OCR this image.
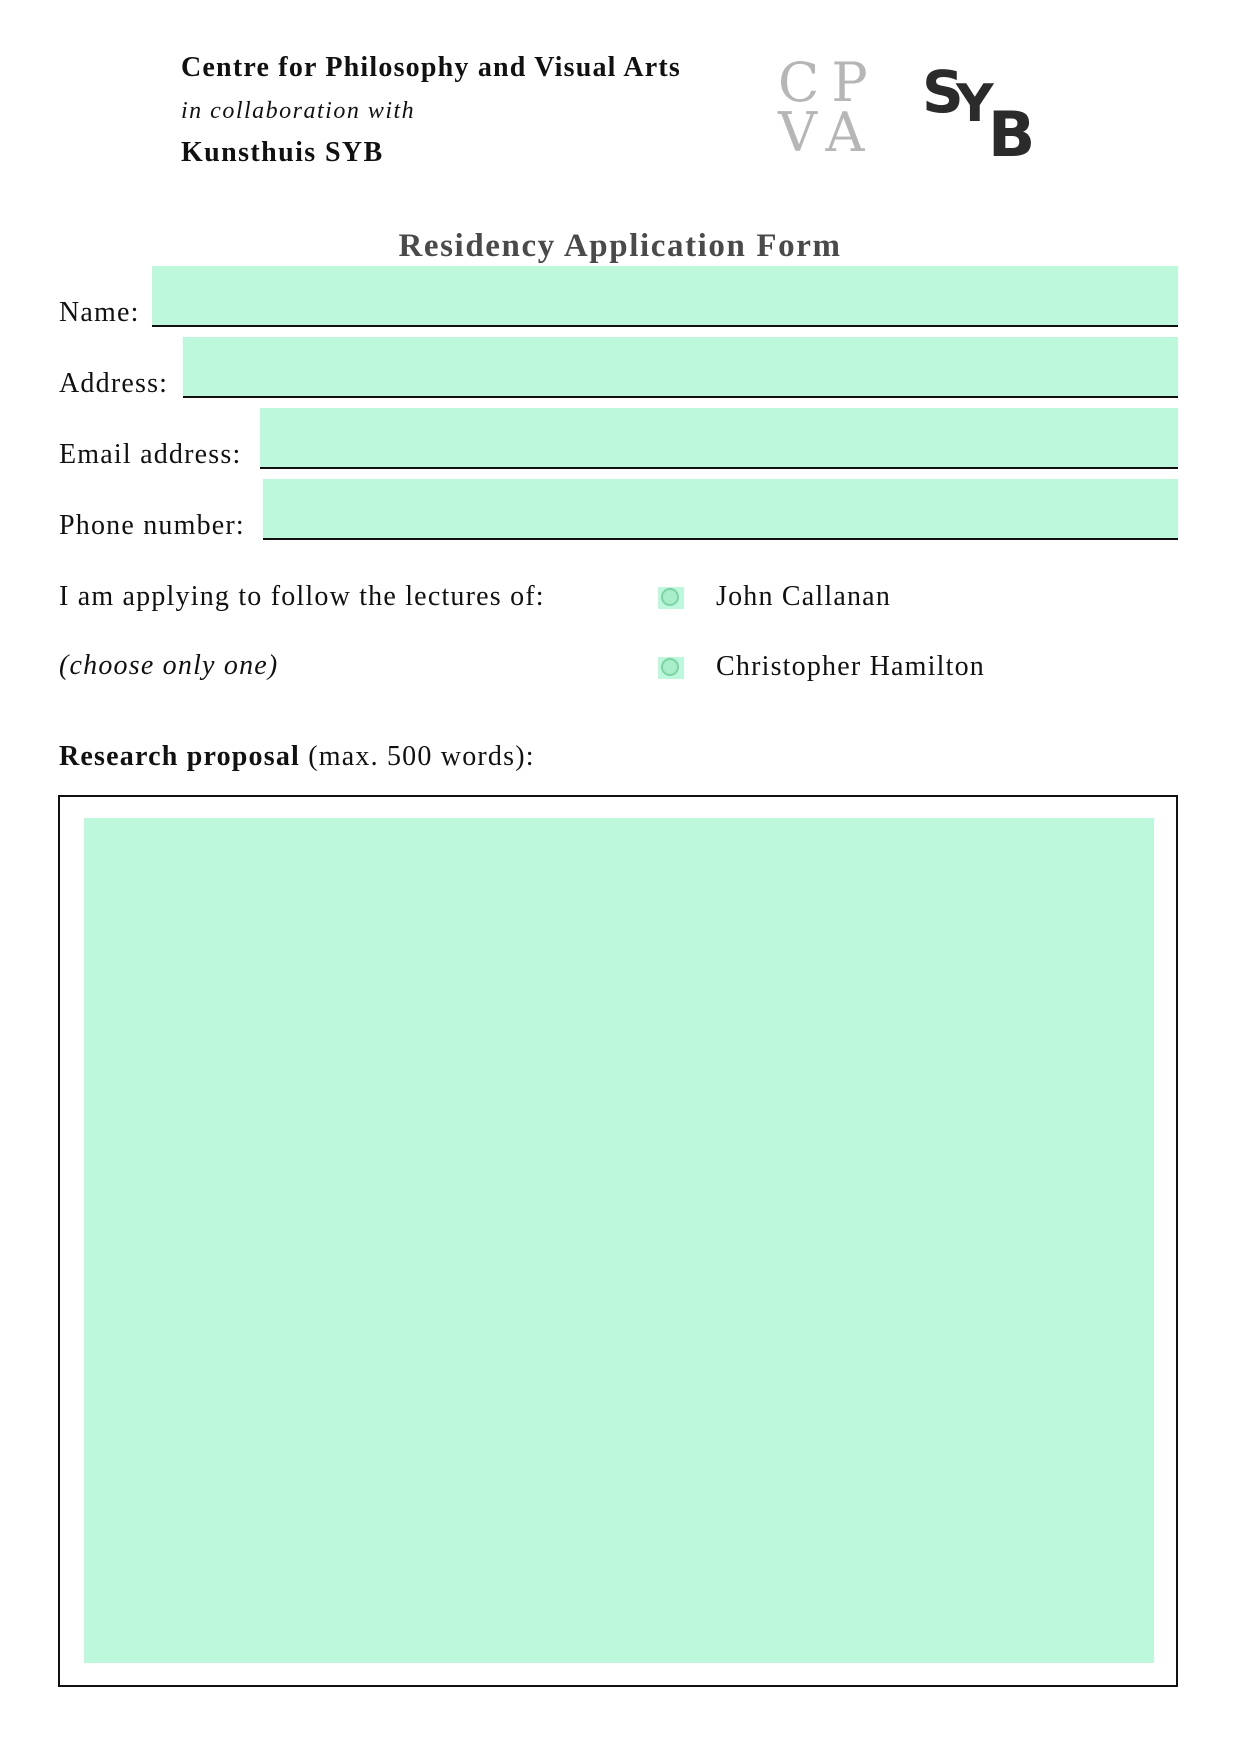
Centre for Philosophy and Visual Arts
in collaboration with
Kunsthuis SYB
CP
VA
S
Y
B
Residency Application Form
Name:
Address:
Email address:
Phone number:
I am applying to follow the lectures of:
(choose only one)
John Callanan
Christopher Hamilton
Research proposal (max. 500 words):
